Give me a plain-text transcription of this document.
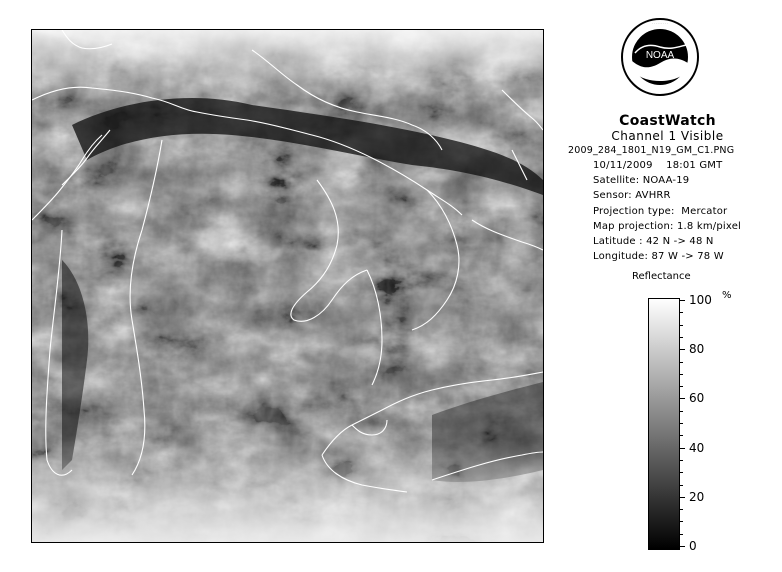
NOAA
· · · · · · · · ·
CoastWatch
Channel 1 Visible
2009_284_1801_N19_GM_C1.PNG
10/11/2009    18:01 GMT
Satellite: NOAA-19
Sensor: AVHRR
Projection type:  Mercator
Map projection: 1.8 km/pixel
Latitude : 42 N -> 48 N
Longitude: 87 W -> 78 W
Reflectance
%
100
80
60
40
20
0
